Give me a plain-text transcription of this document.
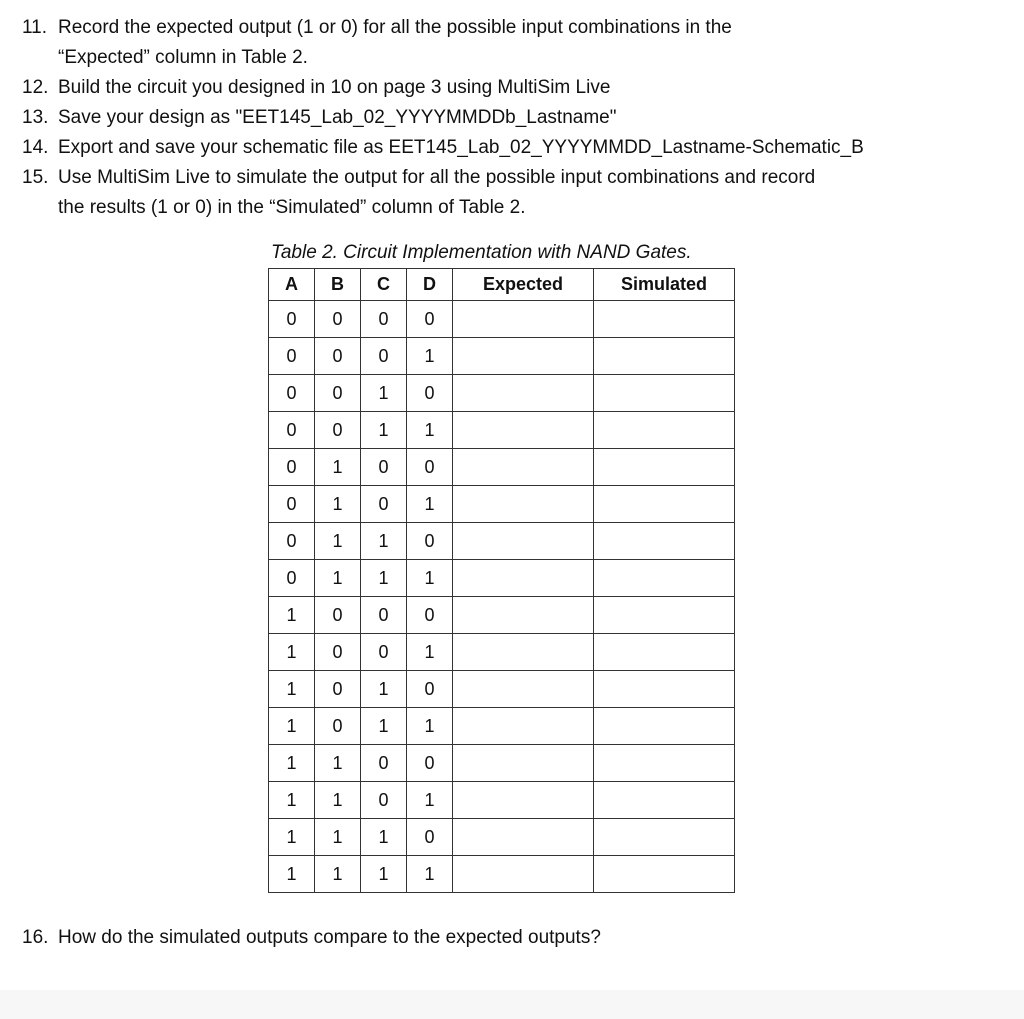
11. Record the expected output (1 or 0) for all the possible input combinations in the
“Expected” column in Table 2.
12. Build the circuit you designed in 10 on page 3 using MultiSim Live
13. Save your design as "EET145_Lab_02_YYYYMMDDb_Lastname"
14. Export and save your schematic file as EET145_Lab_02_YYYYMMDD_Lastname-Schematic_B
15. Use MultiSim Live to simulate the output for all the possible input combinations and record
the results (1 or 0) in the “Simulated” column of Table 2.
Table 2. Circuit Implementation with NAND Gates.
A	B	C	D	Expected	Simulated
0	0	0	0		
0	0	0	1		
0	0	1	0		
0	0	1	1		
0	1	0	0		
0	1	0	1		
0	1	1	0		
0	1	1	1		
1	0	0	0		
1	0	0	1		
1	0	1	0		
1	0	1	1		
1	1	0	0		
1	1	0	1		
1	1	1	0		
1	1	1	1		
16. How do the simulated outputs compare to the expected outputs?
